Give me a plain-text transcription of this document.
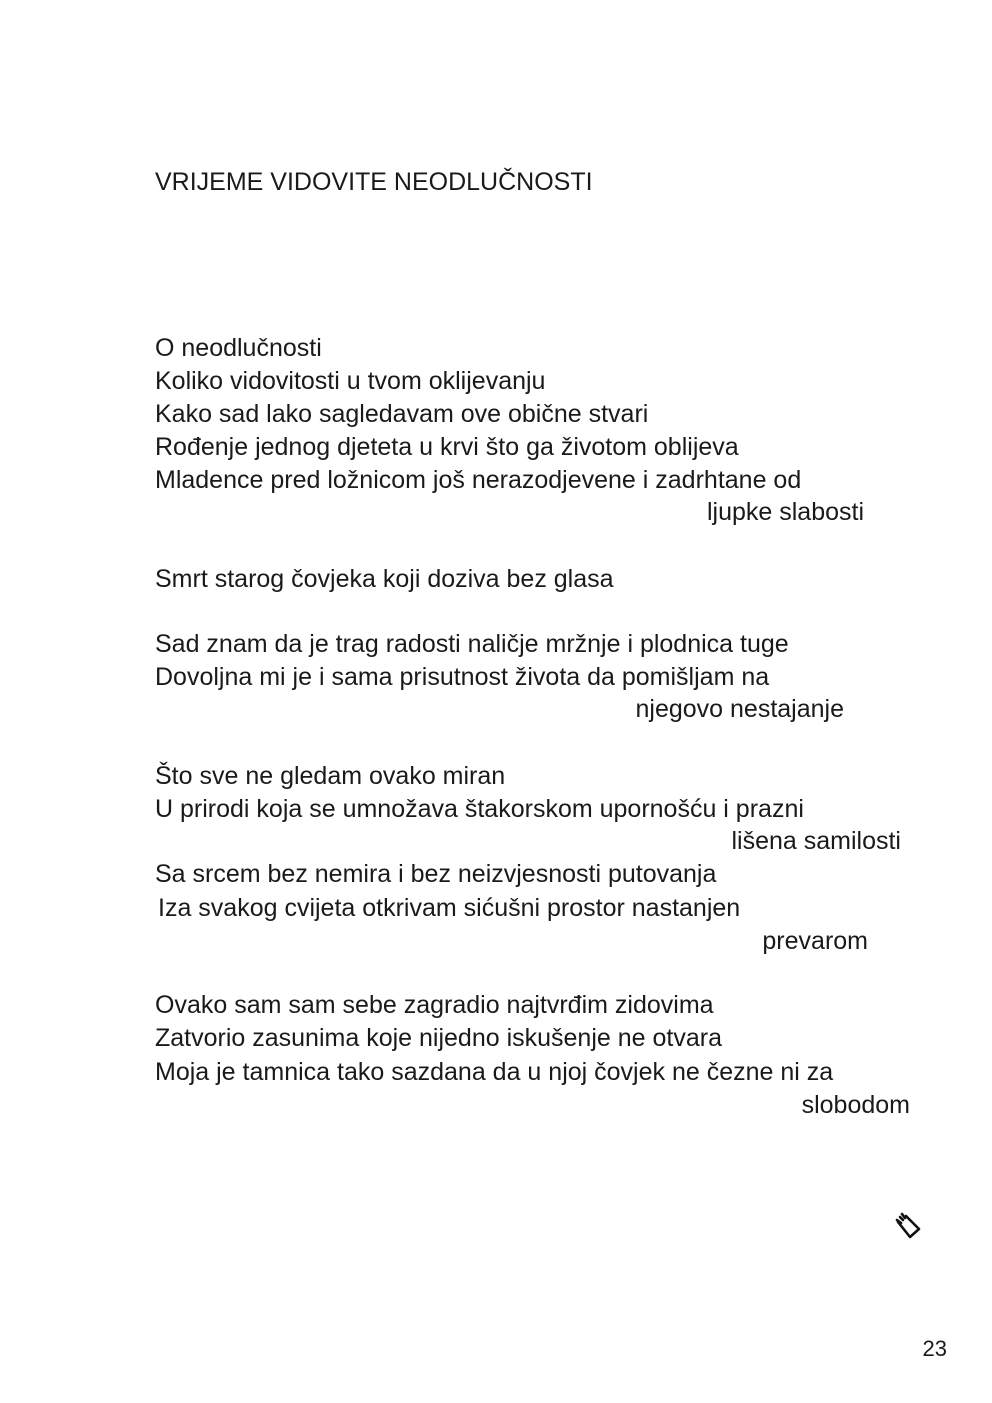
VRIJEME VIDOVITE NEODLUČNOSTI
O neodlučnosti
Koliko vidovitosti u tvom oklijevanju
Kako sad lako sagledavam ove obične stvari
Rođenje jednog djeteta u krvi što ga životom oblijeva
Mladence pred ložnicom još nerazodjevene i zadrhtane od
ljupke slabosti
Smrt starog čovjeka koji doziva bez glasa
Sad znam da je trag radosti naličje mržnje i plodnica tuge
Dovoljna mi je i sama prisutnost života da pomišljam na
njegovo nestajanje
Što sve ne gledam ovako miran
U prirodi koja se umnožava štakorskom upornošću i prazni
lišena samilosti
Sa srcem bez nemira i bez neizvjesnosti putovanja
Iza svakog cvijeta otkrivam sićušni prostor nastanjen
prevarom
Ovako sam sam sebe zagradio najtvrđim zidovima
Zatvorio zasunima koje nijedno iskušenje ne otvara
Moja je tamnica tako sazdana da u njoj čovjek ne čezne ni za
slobodom
23
